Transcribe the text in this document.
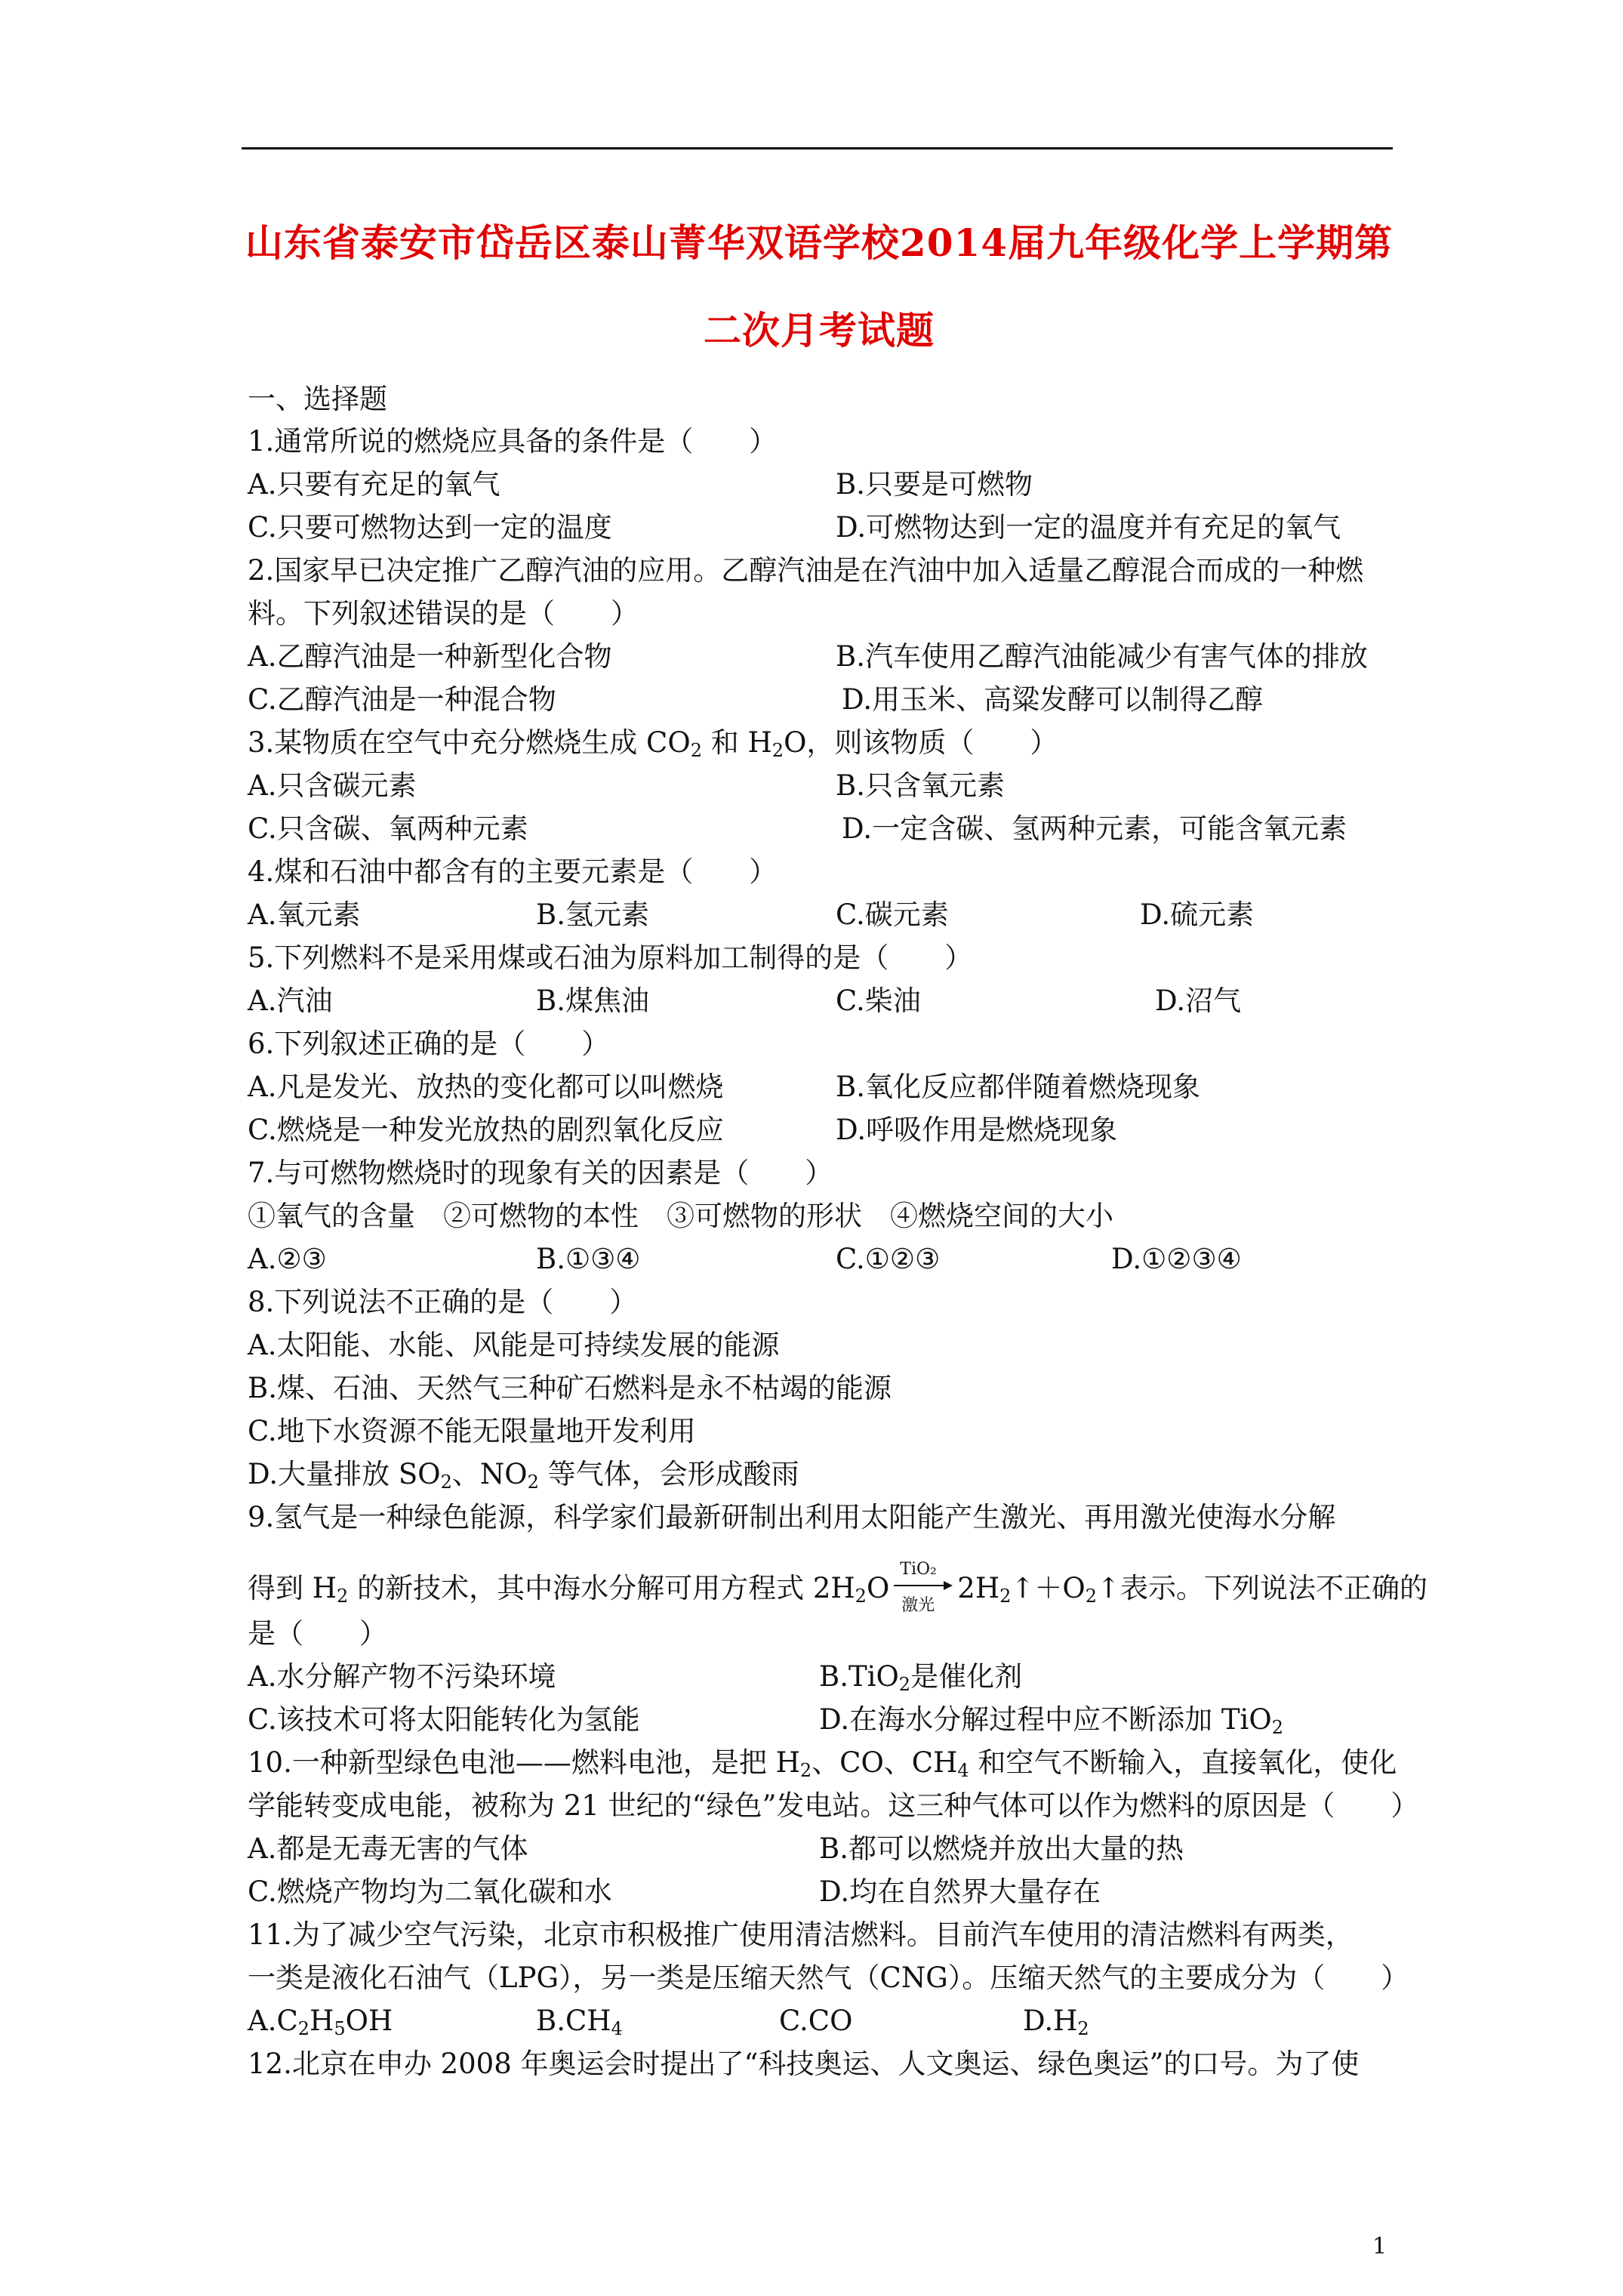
山东省泰安市岱岳区泰山菁华双语学校2014届九年级化学上学期第
二次月考试题
一、选择题
1.通常所说的燃烧应具备的条件是（　　）
A.只要有充足的氧气	B.只要是可燃物
C.只要可燃物达到一定的温度	D.可燃物达到一定的温度并有充足的氧气
2.国家早已决定推广乙醇汽油的应用。乙醇汽油是在汽油中加入适量乙醇混合而成的一种燃
料。下列叙述错误的是（　　）
A.乙醇汽油是一种新型化合物	B.汽车使用乙醇汽油能减少有害气体的排放
C.乙醇汽油是一种混合物	D.用玉米、高粱发酵可以制得乙醇
3.某物质在空气中充分燃烧生成 $CO_2$ 和 $H_2O$，则该物质（　　）
A.只含碳元素	B.只含氧元素
C.只含碳、氧两种元素	D.一定含碳、氢两种元素，可能含氧元素
4.煤和石油中都含有的主要元素是（　　）
A.氧元素	B.氢元素	C.碳元素	D.硫元素
5.下列燃料不是采用煤或石油为原料加工制得的是（　　）
A.汽油	B.煤焦油	C.柴油	D.沼气
6.下列叙述正确的是（　　）
A.凡是发光、放热的变化都可以叫燃烧	B.氧化反应都伴随着燃烧现象
C.燃烧是一种发光放热的剧烈氧化反应	D.呼吸作用是燃烧现象
7.与可燃物燃烧时的现象有关的因素是（　　）
①氧气的含量　②可燃物的本性　③可燃物的形状　④燃烧空间的大小
A.②③	B.①③④	C.①②③	D.①②③④
8.下列说法不正确的是（　　）
A.太阳能、水能、风能是可持续发展的能源
B.煤、石油、天然气三种矿石燃料是永不枯竭的能源
C.地下水资源不能无限量地开发利用
D.大量排放 $SO_2$、$NO_2$ 等气体，会形成酸雨
9.氢气是一种绿色能源，科学家们最新研制出利用太阳能产生激光、再用激光使海水分解
得到 $H_2$ 的新技术，其中海水分解可用方程式 $2H_2O$
TiO₂
激光
$2H_2↑+O_2↑$表示。下列说法不正确的
是（　　）
A.水分解产物不污染环境	B.TiO$_2$是催化剂
C.该技术可将太阳能转化为氢能	D.在海水分解过程中应不断添加 TiO$_2$
10.一种新型绿色电池——燃料电池，是把 $H_2$、CO、$CH_4$ 和空气不断输入，直接氧化，使化
学能转变成电能，被称为 21 世纪的“绿色”发电站。这三种气体可以作为燃料的原因是（　　）
A.都是无毒无害的气体	B.都可以燃烧并放出大量的热
C.燃烧产物均为二氧化碳和水	D.均在自然界大量存在
11.为了减少空气污染，北京市积极推广使用清洁燃料。目前汽车使用的清洁燃料有两类，
一类是液化石油气（LPG），另一类是压缩天然气（CNG）。压缩天然气的主要成分为（　　）
$A.C_2H_5OH$	$B.CH_4$	C.CO	$D.H_2$
12.北京在申办 2008 年奥运会时提出了“科技奥运、人文奥运、绿色奥运”的口号。为了使
1
